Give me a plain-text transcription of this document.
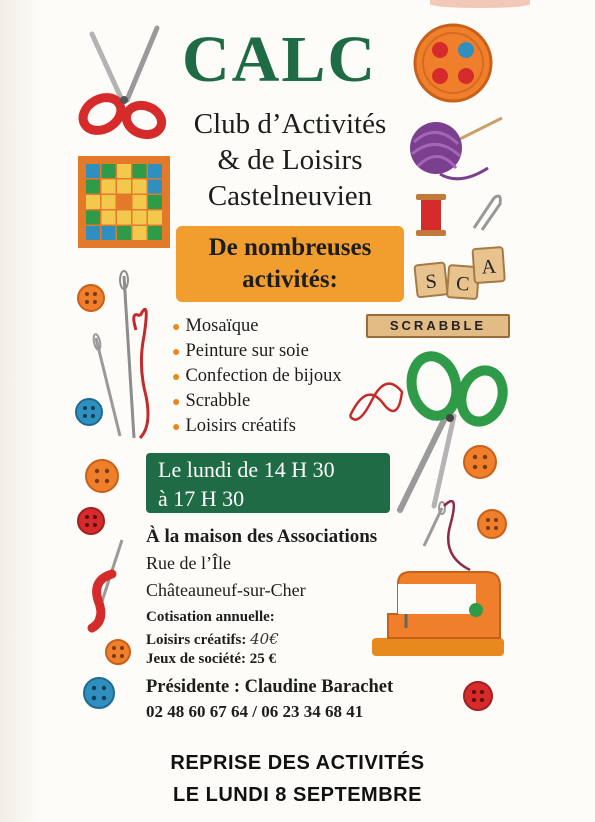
CALC
Club d’Activités
& de Loisirs
Castelneuvien
De nombreuses
activités:
● Mosaïque
● Peinture sur soie
● Confection de bijoux
● Scrabble
● Loisirs créatifs
Le lundi de 14 H 30
à 17 H 30
À la maison des Associations
Rue de l’Île
Châteauneuf-sur-Cher
Cotisation annuelle:
Loisirs créatifs: 40€
Jeux de société: 25 €
Présidente : Claudine Barachet
02 48 60 67 64 / 06 23 34 68 41
REPRISE DES ACTIVITÉS
LE LUNDI 8 SEPTEMBRE
S C
A
SCRABBLE
